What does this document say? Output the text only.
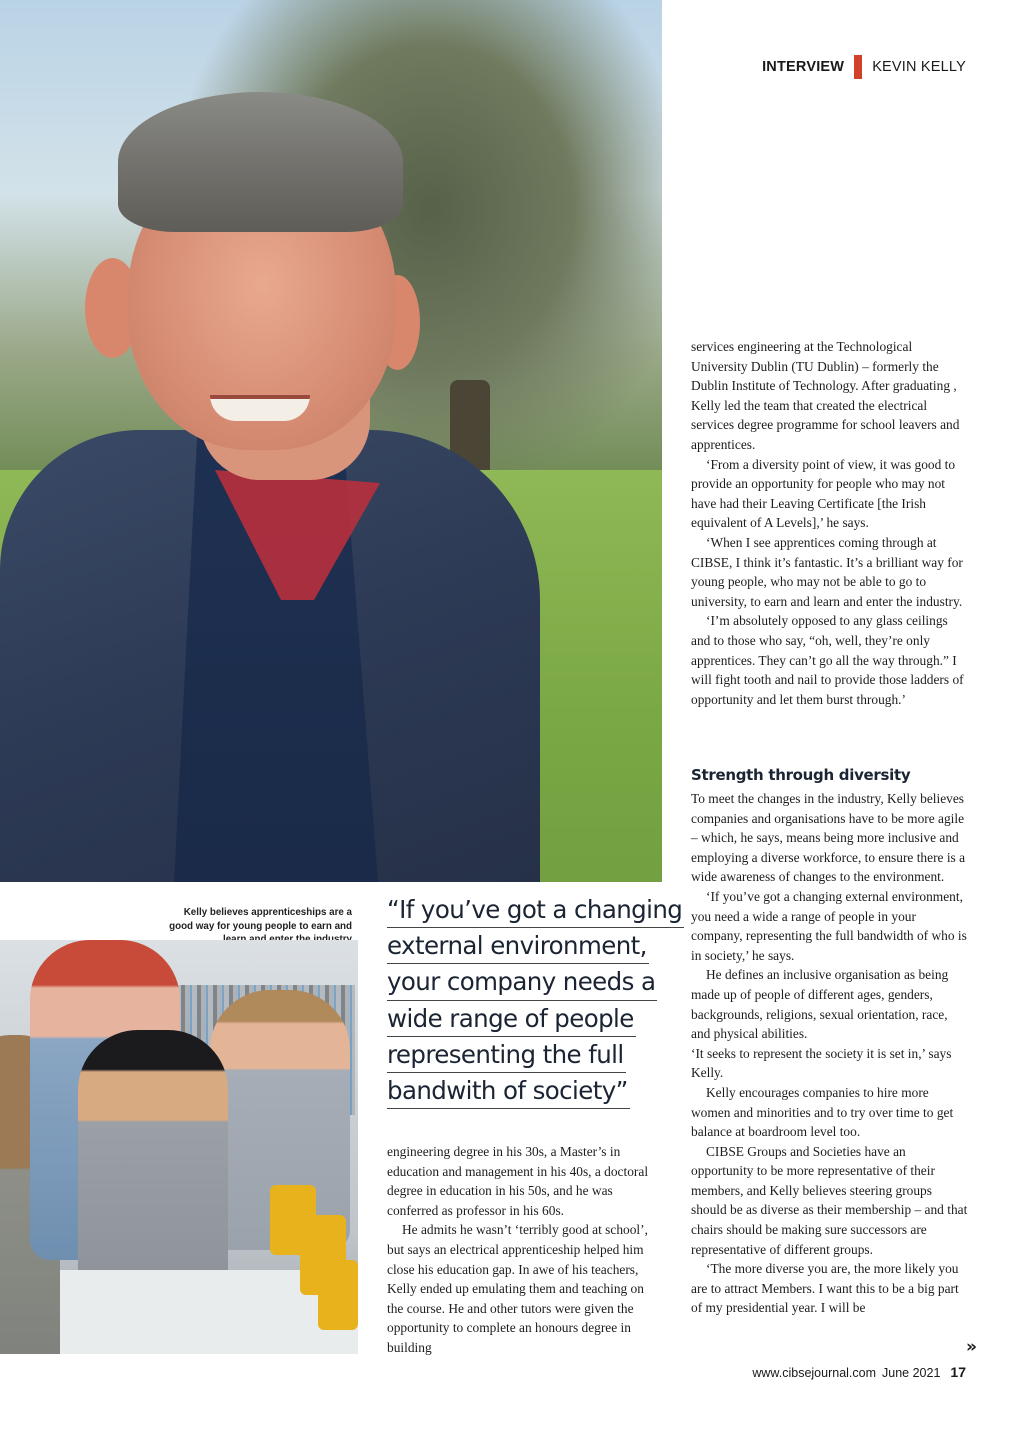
INTERVIEW KEVIN KELLY
Kelly believes apprenticeships are a good way for young people to earn and
“If you’ve got a changing
external environment,
your company needs a
wide range of people
representing the full
bandwith of society”

engineering degree in his 30s, a Master’s in education and management in his 40s, a doctoral degree in education in his 50s, and he was conferred as professor in his 60s.

He admits he wasn’t ‘terribly good at school’, but says an electrical apprenticeship helped him close his education gap. In awe of his teachers, Kelly ended up emulating them and teaching on the course. He and other tutors were given the opportunity to complete an honours degree in building

services engineering at the Technological University Dublin (TU Dublin) – formerly the Dublin Institute of Technology. After graduating , Kelly led the team that created the electrical services degree programme for school leavers and apprentices.

‘From a diversity point of view, it was good to provide an opportunity for people who may not have had their Leaving Certificate [the Irish equivalent of A Levels],’ he says.

‘When I see apprentices coming through at CIBSE, I think it’s fantastic. It’s a brilliant way for young people, who may not be able to go to university, to earn and learn and enter the industry.

‘I’m absolutely opposed to any glass ceilings and to those who say, “oh, well, they’re only apprentices. They can’t go all the way through.” I will fight tooth and nail to provide those ladders of opportunity and let them burst through.’

Strength through diversity

To meet the changes in the industry, Kelly believes companies and organisations have to be more agile – which, he says, means being more inclusive and employing a diverse workforce, to ensure there is a wide awareness of changes to the environment.

‘If you’ve got a changing external environment, you need a wide a range of people in your company, representing the full bandwidth of who is in society,’ he says.

He defines an inclusive organisation as being made up of people of different ages, genders, backgrounds, religions, sexual orientation, race, and physical abilities.

‘It seeks to represent the society it is set in,’ says Kelly.

Kelly encourages companies to hire more women and minorities and to try over time to get balance at boardroom level too.

CIBSE Groups and Societies have an opportunity to be more representative of their members, and Kelly believes steering groups should be as diverse as their membership – and that chairs should be making sure successors are representative of different groups.

‘The more diverse you are, the more likely you are to attract Members. I want this to be a big part of my presidential year. I will be

»
www.cibsejournal.com June 2021 17
